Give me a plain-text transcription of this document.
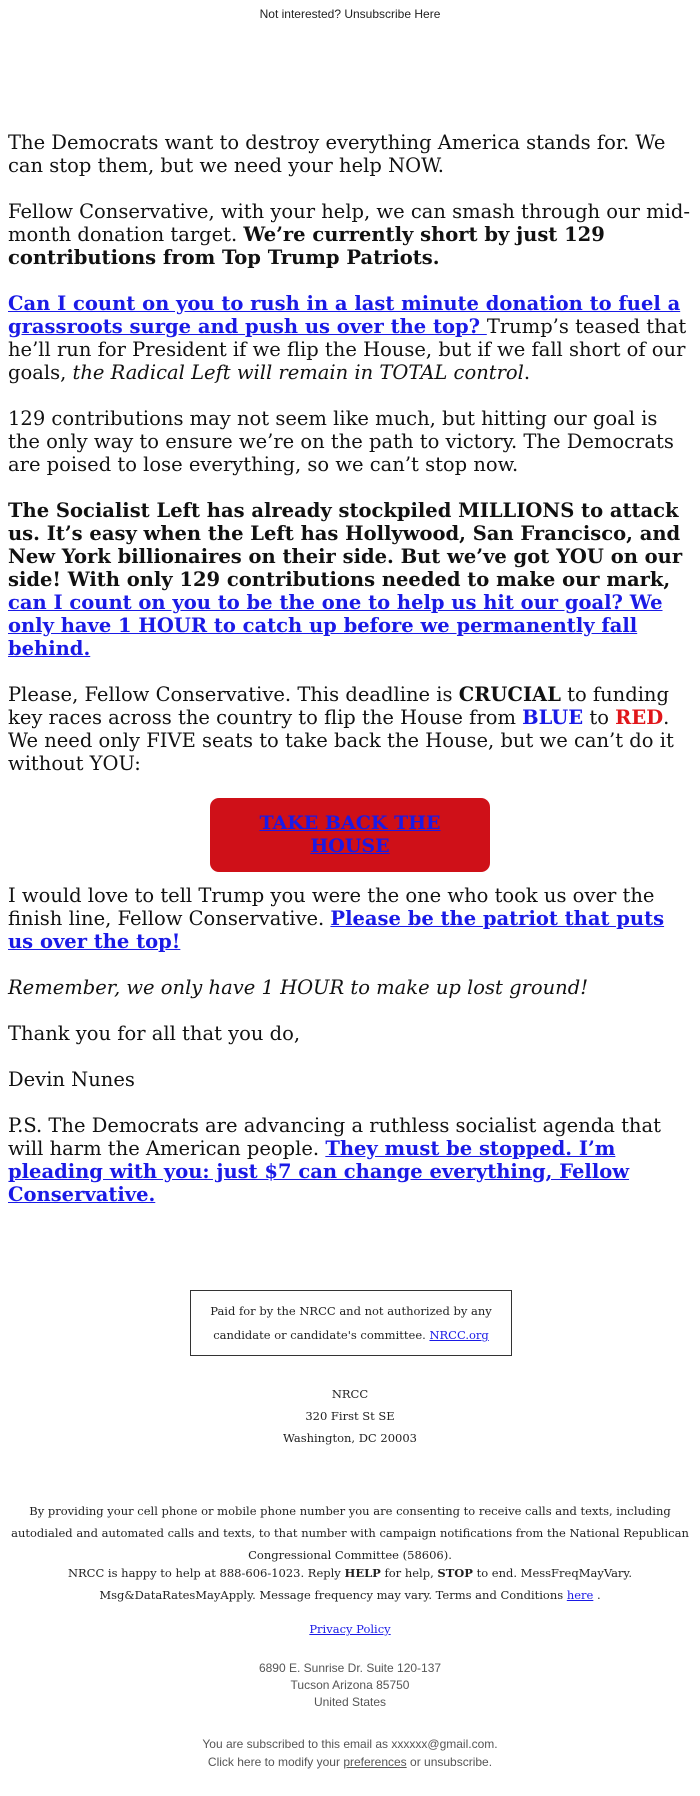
Not interested? Unsubscribe Here

The Democrats want to destroy everything America stands for. We can stop them, but we need your help NOW.

Fellow Conservative, with your help, we can smash through our mid-month donation target. We’re currently short by just 129 contributions from Top Trump Patriots.

Can I count on you to rush in a last minute donation to fuel a grassroots surge and push us over the top? Trump’s teased that he’ll run for President if we flip the House, but if we fall short of our goals, the Radical Left will remain in TOTAL control.

129 contributions may not seem like much, but hitting our goal is the only way to ensure we’re on the path to victory. The Democrats are poised to lose everything, so we can’t stop now.

The Socialist Left has already stockpiled MILLIONS to attack us. It’s easy when the Left has Hollywood, San Francisco, and New York billionaires on their side. But we’ve got YOU on our side! With only 129 contributions needed to make our mark, can I count on you to be the one to help us hit our goal? We only have 1 HOUR to catch up before we permanently fall behind.

Please, Fellow Conservative. This deadline is CRUCIAL to funding key races across the country to flip the House from BLUE to RED. We need only FIVE seats to take back the House, but we can’t do it without YOU:

TAKE BACK THE HOUSE

I would love to tell Trump you were the one who took us over the finish line, Fellow Conservative. Please be the patriot that puts us over the top!

Remember, we only have 1 HOUR to make up lost ground!

Thank you for all that you do,

Devin Nunes

P.S. The Democrats are advancing a ruthless socialist agenda that will harm the American people. They must be stopped. I’m pleading with you: just $7 can change everything, Fellow Conservative.

Paid for by the NRCC and not authorized by any candidate or candidate's committee. NRCC.org
NRCC
320 First St SE
Washington, DC 20003
By providing your cell phone or mobile phone number you are consenting to receive calls and texts, including autodialed and automated calls and texts, to that number with campaign notifications from the National Republican Congressional Committee (58606).
NRCC is happy to help at 888-606-1023. Reply HELP for help, STOP to end. MessFreqMayVary. Msg&DataRatesMayApply. Message frequency may vary. Terms and Conditions here .
Privacy Policy
6890 E. Sunrise Dr. Suite 120-137
Tucson Arizona 85750
United States
You are subscribed to this email as xxxxxx@gmail.com.
Click here to modify your preferences or unsubscribe.
